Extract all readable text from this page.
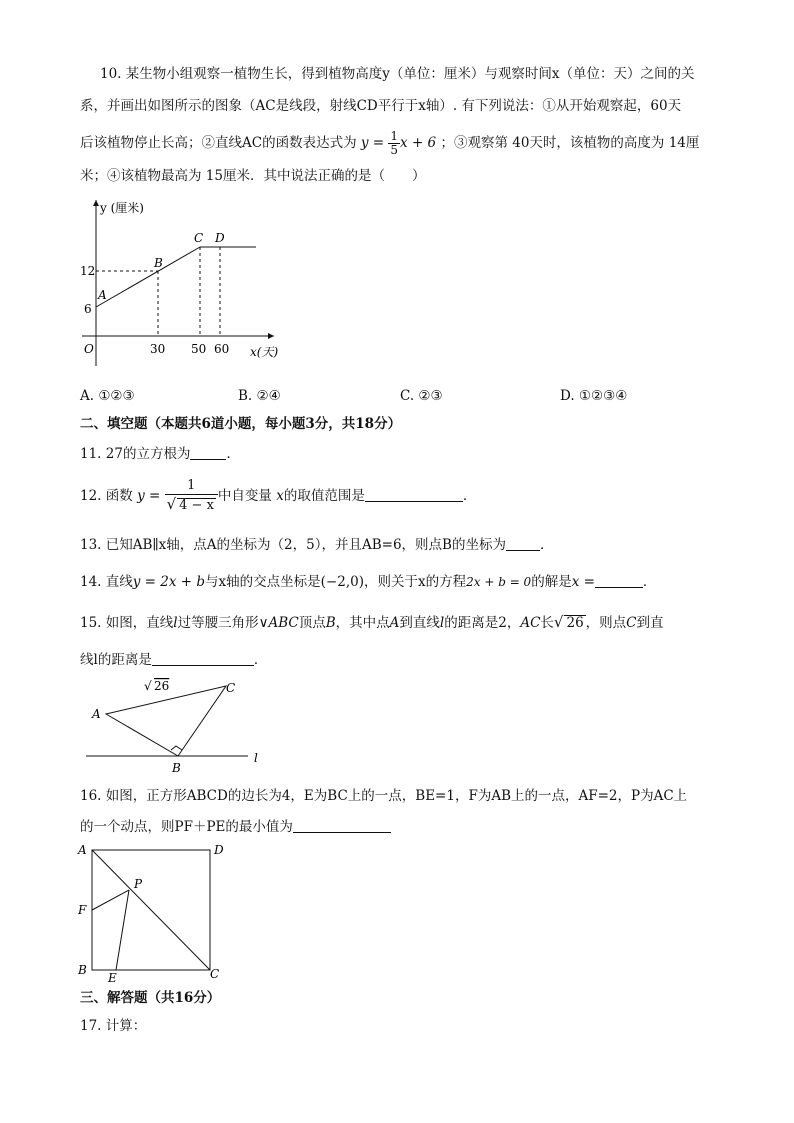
10. 某生物小组观察一植物生长，得到植物高度y（单位：厘米）与观察时间x（单位：天）之间的关
系，并画出如图所示的图象（AC是线段，射线CD平行于x轴）. 有下列说法：①从开始观察起，60天
后该植物停止长高；②直线AC的函数表达式为 $y = \frac{1}{5}$ x + 6 ；③观察第 40天时，该植物的高度为 14厘
米；④该植物最高为 15厘米．其中说法正确的是（　　）
y (厘米)
x(天)
O
12
6
30 50 60
A
B
C D
A. ①②③	B. ②④	C. ②③	D. ①②③④
二、填空题（本题共6道小题，每小题3分，共18分）
11. 27的立方根为	．
12. 函数 $y = \frac{1}{√ 4 - x}$ 中自变量 x的取值范围是	．
13. 已知AB∥x轴，点A的坐标为（2，5），并且AB=6，则点B的坐标为	．
14. 直线y = 2x + b与x轴的交点坐标是(−2,0)，则关于x的方程2x + b = 0的解是x =	．
15. 如图，直线l过等腰三角形∨ABC顶点B，其中点A到直线l的距离是2，AC长√ 26 ，则点C到直
线l的距离是	．
√ 26
A
B
C
l
16. 如图，正方形ABCD的边长为4，E为BC上的一点，BE=1，F为AB上的一点，AF=2，P为AC上
的一个动点，则PF＋PE的最小值为
A	D
B	C
F
E
P
三、解答题（共16分）
17. 计算：
